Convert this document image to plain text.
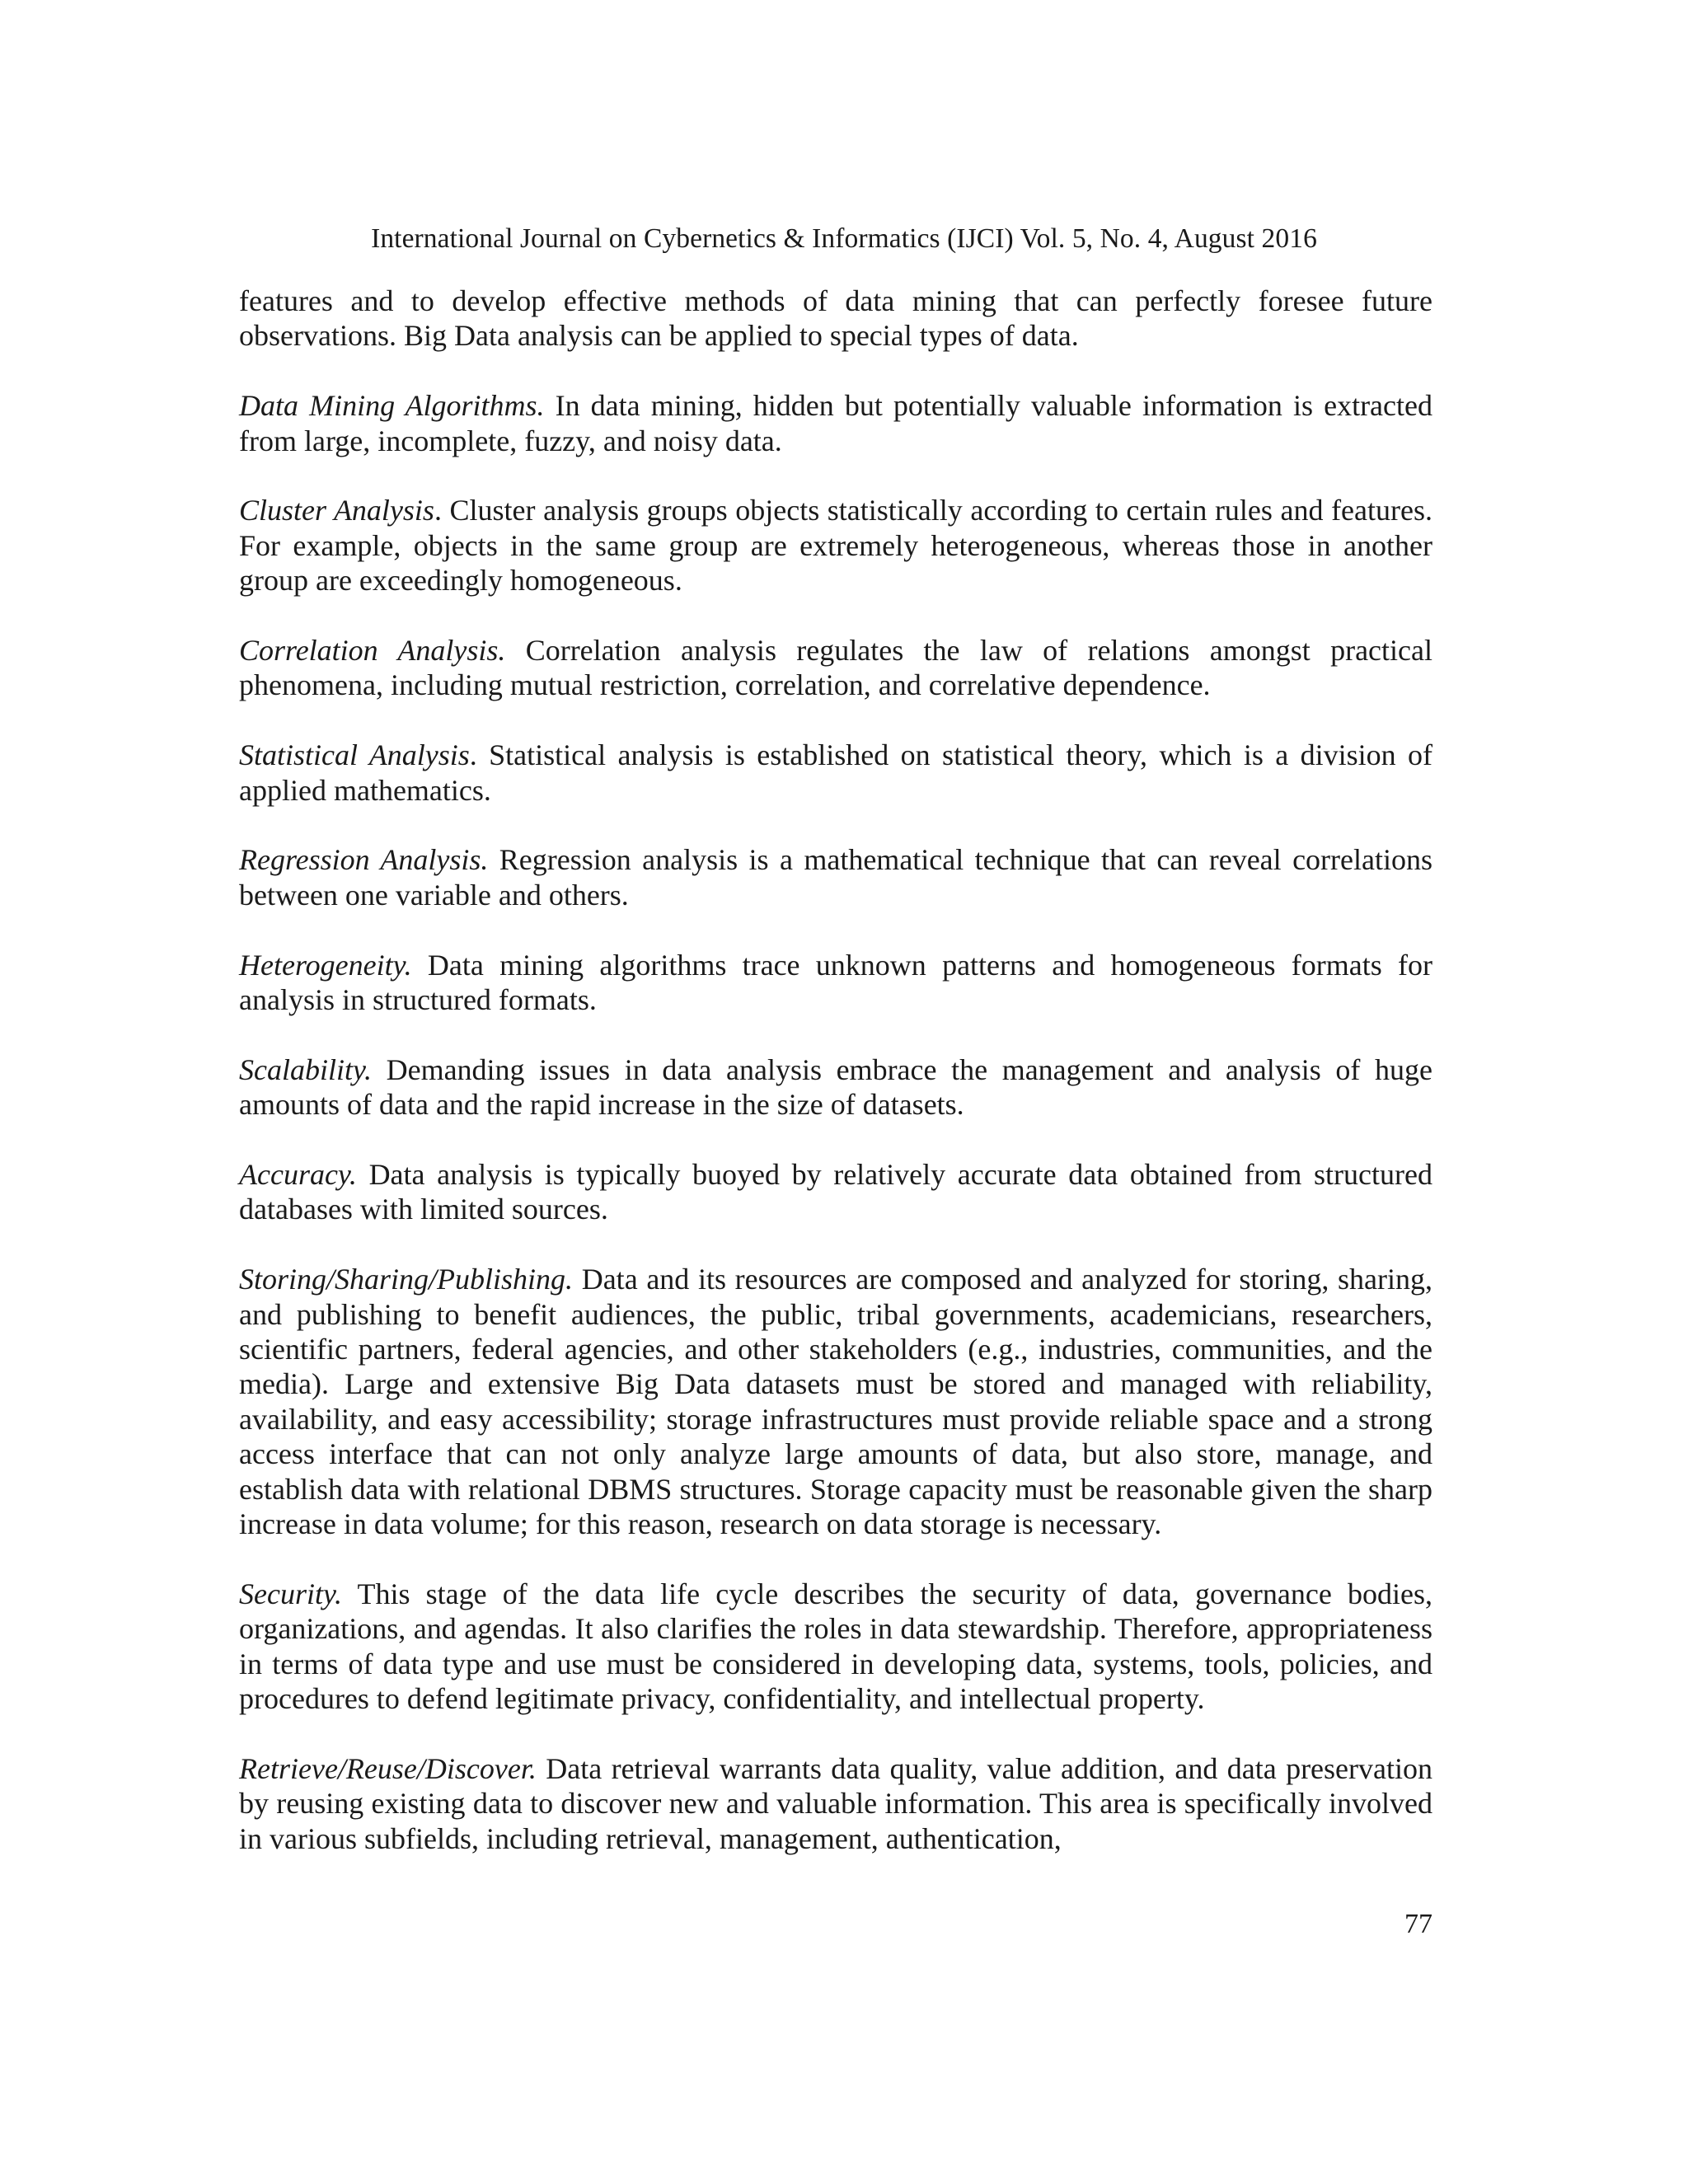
International Journal on Cybernetics & Informatics (IJCI) Vol. 5, No. 4, August 2016

features and to develop effective methods of data mining that can perfectly foresee future observations. Big Data analysis can be applied to special types of data.

Data Mining Algorithms. In data mining, hidden but potentially valuable information is extracted from large, incomplete, fuzzy, and noisy data.

Cluster Analysis. Cluster analysis groups objects statistically according to certain rules and features. For example, objects in the same group are extremely heterogeneous, whereas those in another group are exceedingly homogeneous.

Correlation Analysis. Correlation analysis regulates the law of relations amongst practical phenomena, including mutual restriction, correlation, and correlative dependence.

Statistical Analysis. Statistical analysis is established on statistical theory, which is a division of applied mathematics.

Regression Analysis. Regression analysis is a mathematical technique that can reveal correlations between one variable and others.

Heterogeneity. Data mining algorithms trace unknown patterns and homogeneous formats for analysis in structured formats.

Scalability. Demanding issues in data analysis embrace the management and analysis of huge amounts of data and the rapid increase in the size of datasets.

Accuracy. Data analysis is typically buoyed by relatively accurate data obtained from structured databases with limited sources.

Storing/Sharing/Publishing. Data and its resources are composed and analyzed for storing, sharing, and publishing to benefit audiences, the public, tribal governments, academicians, researchers, scientific partners, federal agencies, and other stakeholders (e.g., industries, communities, and the media). Large and extensive Big Data datasets must be stored and managed with reliability, availability, and easy accessibility; storage infrastructures must provide reliable space and a strong access interface that can not only analyze large amounts of data, but also store, manage, and establish data with relational DBMS structures. Storage capacity must be reasonable given the sharp increase in data volume; for this reason, research on data storage is necessary.

Security. This stage of the data life cycle describes the security of data, governance bodies, organizations, and agendas. It also clarifies the roles in data stewardship. Therefore, appropriateness in terms of data type and use must be considered in developing data, systems, tools, policies, and procedures to defend legitimate privacy, confidentiality, and intellectual property.

Retrieve/Reuse/Discover. Data retrieval warrants data quality, value addition, and data preservation by reusing existing data to discover new and valuable information. This area is specifically involved in various subfields, including retrieval, management, authentication,

77
